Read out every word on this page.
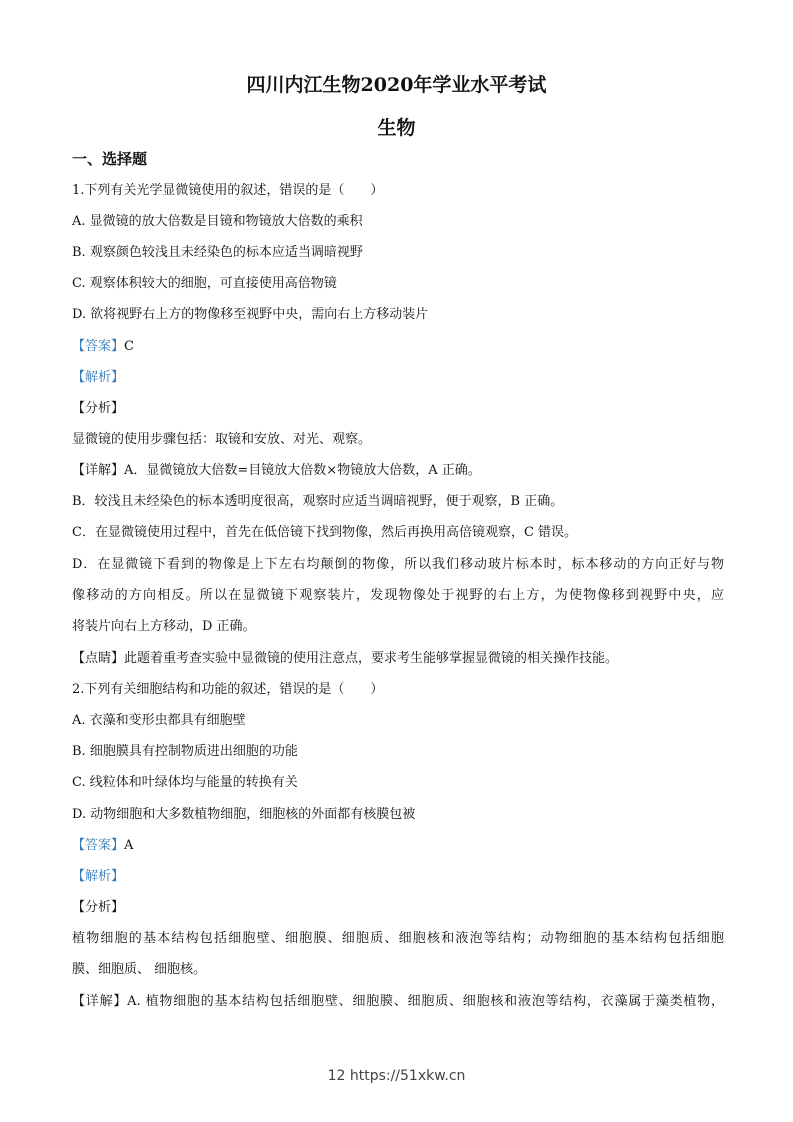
四川内江生物2020年学业水平考试
生物
一、选择题
1.下列有关光学显微镜使用的叙述，错误的是（　　）
A. 显微镜的放大倍数是目镜和物镜放大倍数的乘积
B. 观察颜色较浅且未经染色的标本应适当调暗视野
C. 观察体积较大的细胞，可直接使用高倍物镜
D. 欲将视野右上方的物像移至视野中央，需向右上方移动装片
【答案】C
【解析】
【分析】
显微镜的使用步骤包括：取镜和安放、对光、观察。
【详解】A．显微镜放大倍数=目镜放大倍数×物镜放大倍数，A 正确。
B．较浅且未经染色的标本透明度很高，观察时应适当调暗视野，便于观察，B 正确。
C．在显微镜使用过程中，首先在低倍镜下找到物像，然后再换用高倍镜观察，C 错误。
D．在显微镜下看到的物像是上下左右均颠倒的物像，所以我们移动玻片标本时，标本移动的方向正好与物
像移动的方向相反。所以在显微镜下观察装片，发现物像处于视野的右上方，为使物像移到视野中央，应
将装片向右上方移动，D 正确。
【点睛】此题着重考查实验中显微镜的使用注意点，要求考生能够掌握显微镜的相关操作技能。
2.下列有关细胞结构和功能的叙述，错误的是（　　）
A. 衣藻和变形虫都具有细胞壁
B. 细胞膜具有控制物质进出细胞的功能
C. 线粒体和叶绿体均与能量的转换有关
D. 动物细胞和大多数植物细胞，细胞核的外面都有核膜包被
【答案】A
【解析】
【分析】
植物细胞的基本结构包括细胞壁、细胞膜、细胞质、细胞核和液泡等结构；动物细胞的基本结构包括细胞
膜、细胞质、 细胞核。
【详解】A. 植物细胞的基本结构包括细胞壁、细胞膜、细胞质、细胞核和液泡等结构，衣藻属于藻类植物，
12 https://51xkw.cn
